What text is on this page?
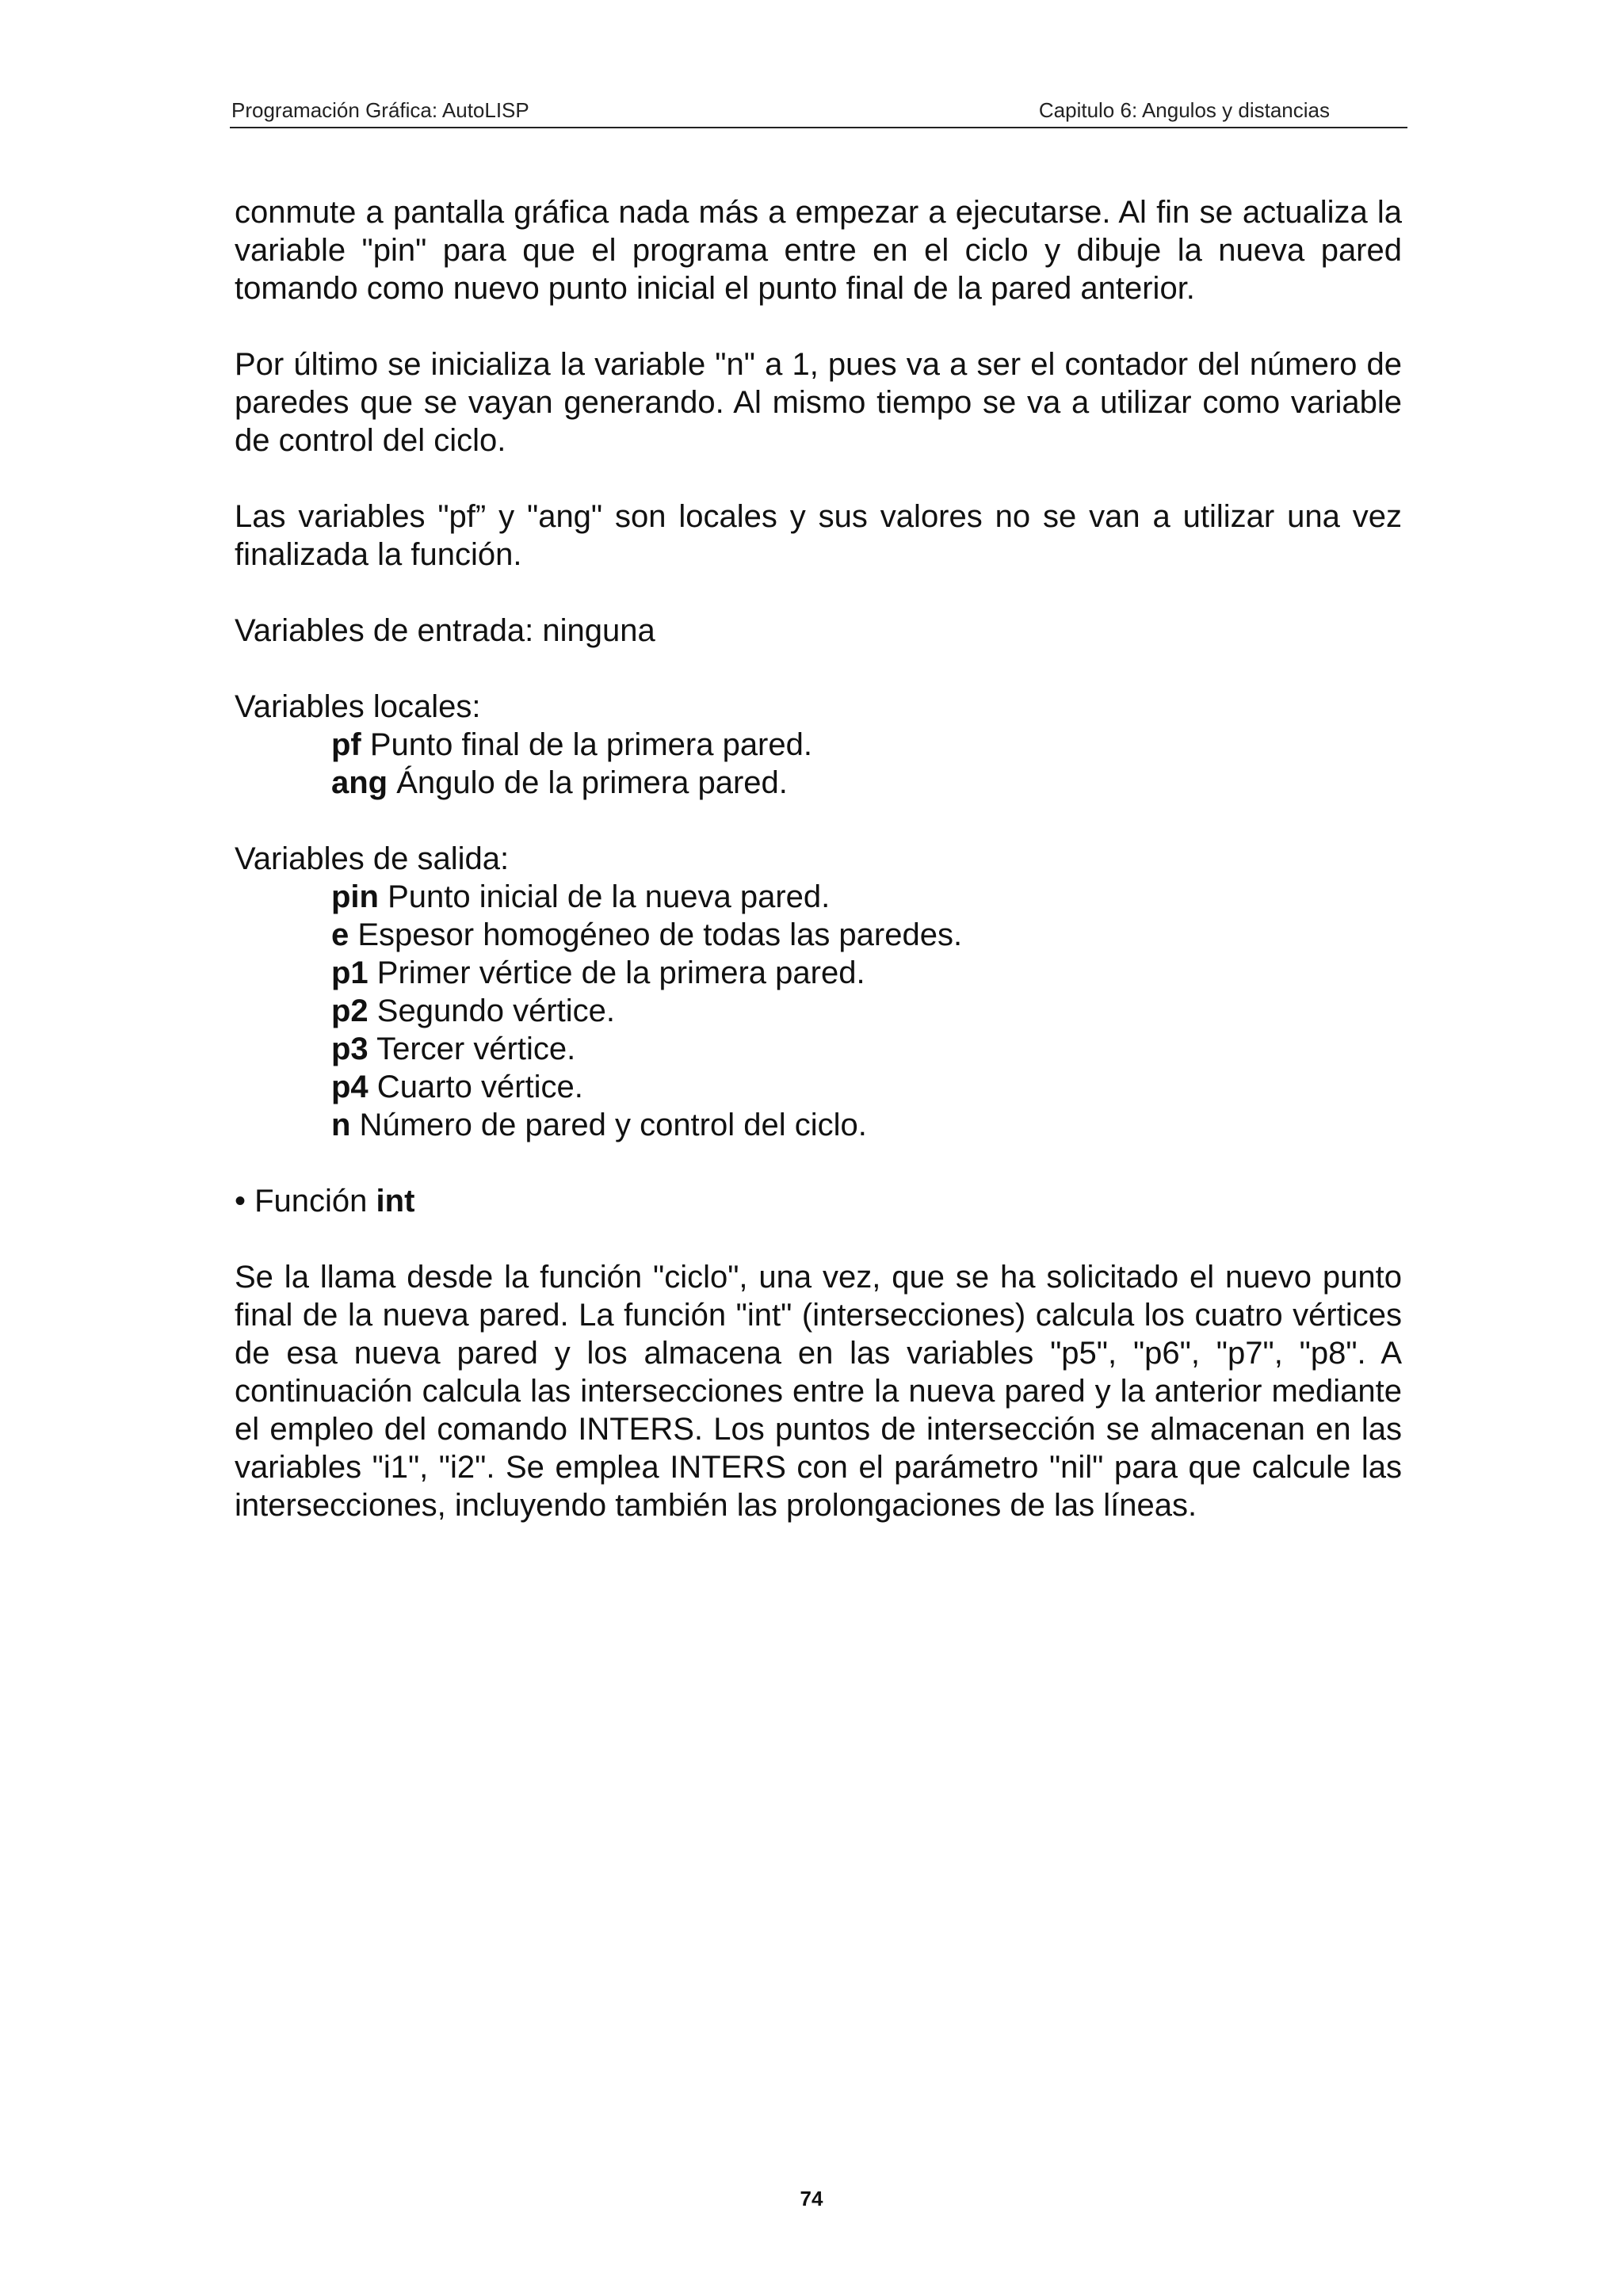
Programación Gráfica: AutoLISP	Capitulo 6: Angulos y distancias

conmute a pantalla gráfica nada más a empezar a ejecutarse. Al fin se actualiza la variable "pin" para que el programa entre en el ciclo y dibuje la nueva pared tomando como nuevo punto inicial el punto final de la pared anterior.

Por último se inicializa la variable "n" a 1, pues va a ser el contador del número de paredes que se vayan generando. Al mismo tiempo se va a utilizar como variable de control del ciclo.

Las variables "pf” y "ang" son locales y sus valores no se van a utilizar una vez finalizada la función.

Variables de entrada: ninguna

Variables locales:

pf Punto final de la primera pared.
ang Ángulo de la primera pared.

Variables de salida:

pin Punto inicial de la nueva pared.
e Espesor homogéneo de todas las paredes.
p1 Primer vértice de la primera pared.
p2 Segundo vértice.
p3 Tercer vértice.
p4 Cuarto vértice.
n Número de pared y control del ciclo.

• Función int

Se la llama desde la función "ciclo", una vez, que se ha solicitado el nuevo punto final de la nueva pared. La función "int" (intersecciones) calcula los cuatro vértices de esa nueva pared y los almacena en las variables "p5", "p6", "p7", "p8". A continuación calcula las intersecciones entre la nueva pared y la anterior mediante el empleo del comando INTERS. Los puntos de intersección se almacenan en las variables "i1", "i2". Se emplea INTERS con el parámetro "nil" para que calcule las intersecciones, incluyendo también las prolongaciones de las líneas.

74
